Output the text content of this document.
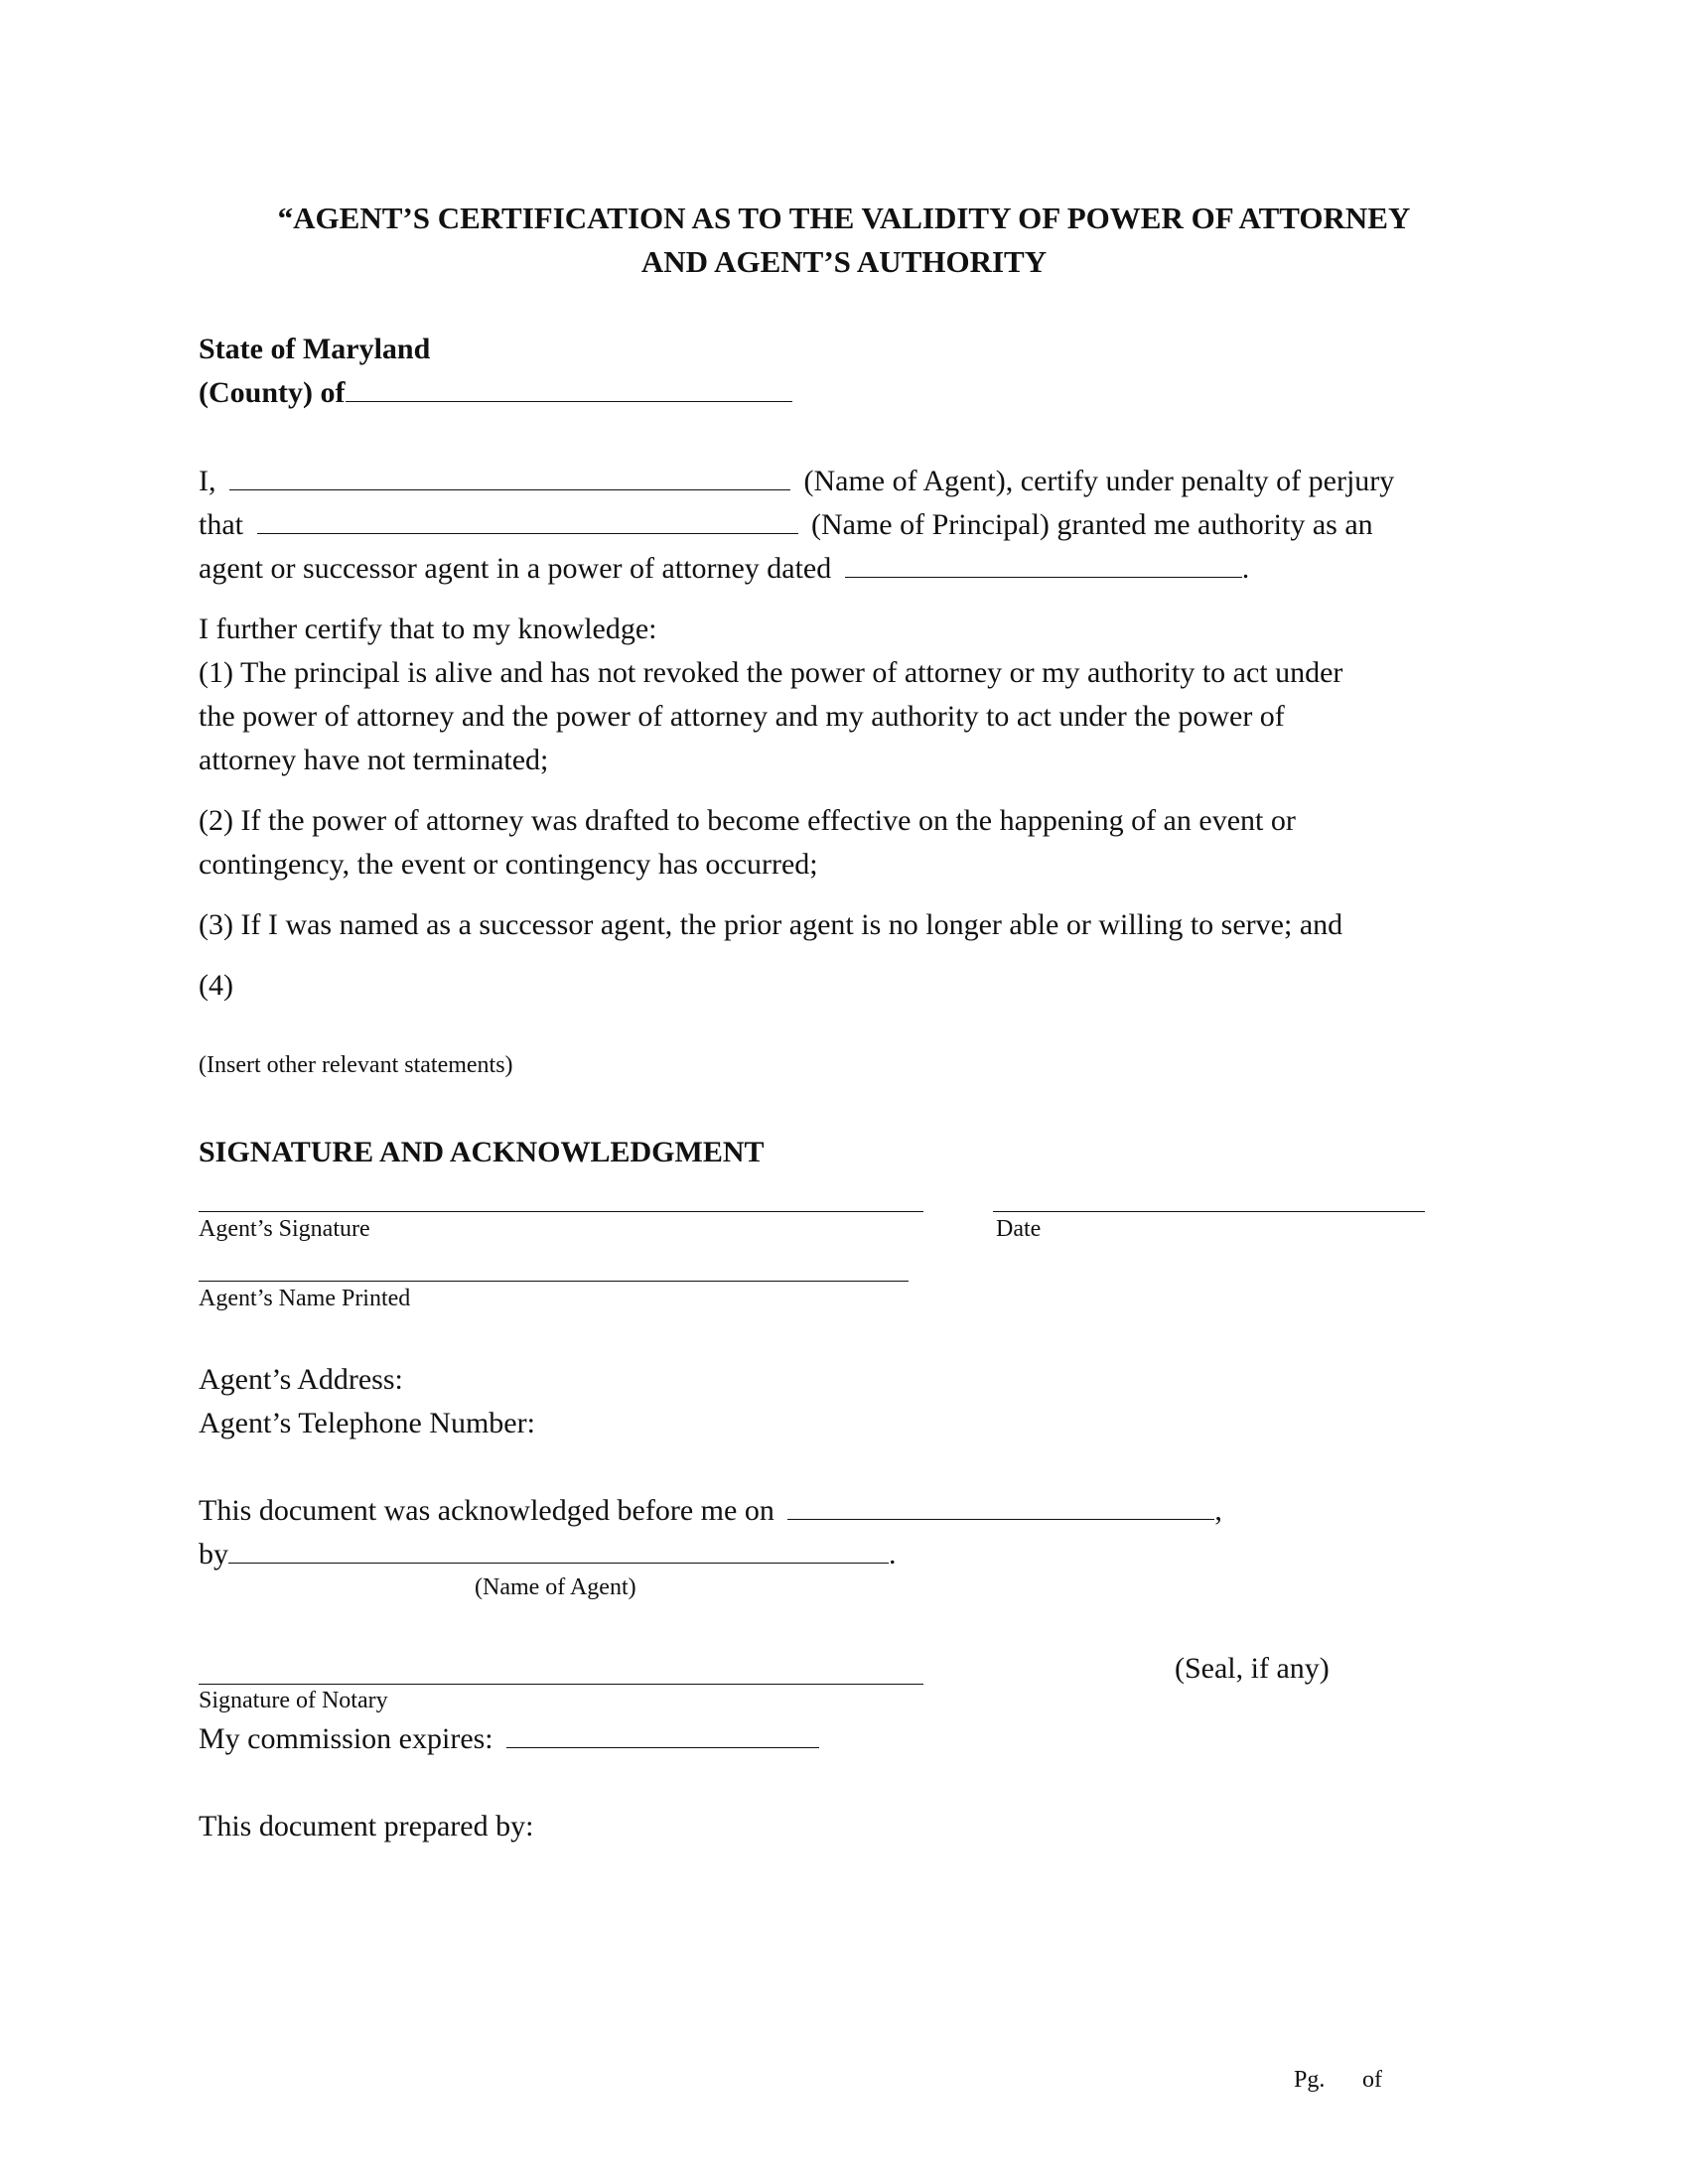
“AGENT’S CERTIFICATION AS TO THE VALIDITY OF POWER OF ATTORNEY
AND AGENT’S AUTHORITY
State of Maryland
(County) of
I,	(Name of Agent), certify under penalty of perjury
that	(Name of Principal) granted me authority as an
agent or successor agent in a power of attorney dated	.
I further certify that to my knowledge:
(1) The principal is alive and has not revoked the power of attorney or my authority to act under
the power of attorney and the power of attorney and my authority to act under the power of
attorney have not terminated;
(2) If the power of attorney was drafted to become effective on the happening of an event or
contingency, the event or contingency has occurred;
(3) If I was named as a successor agent, the prior agent is no longer able or willing to serve; and
(4)
(Insert other relevant statements)
SIGNATURE AND ACKNOWLEDGMENT
Agent’s Signature	Date
Agent’s Name Printed
Agent’s Address:
Agent’s Telephone Number:
This document was acknowledged before me on	,
by	.
(Name of Agent)
(Seal, if any)
Signature of Notary
My commission expires:
This document prepared by:
Pg. of
